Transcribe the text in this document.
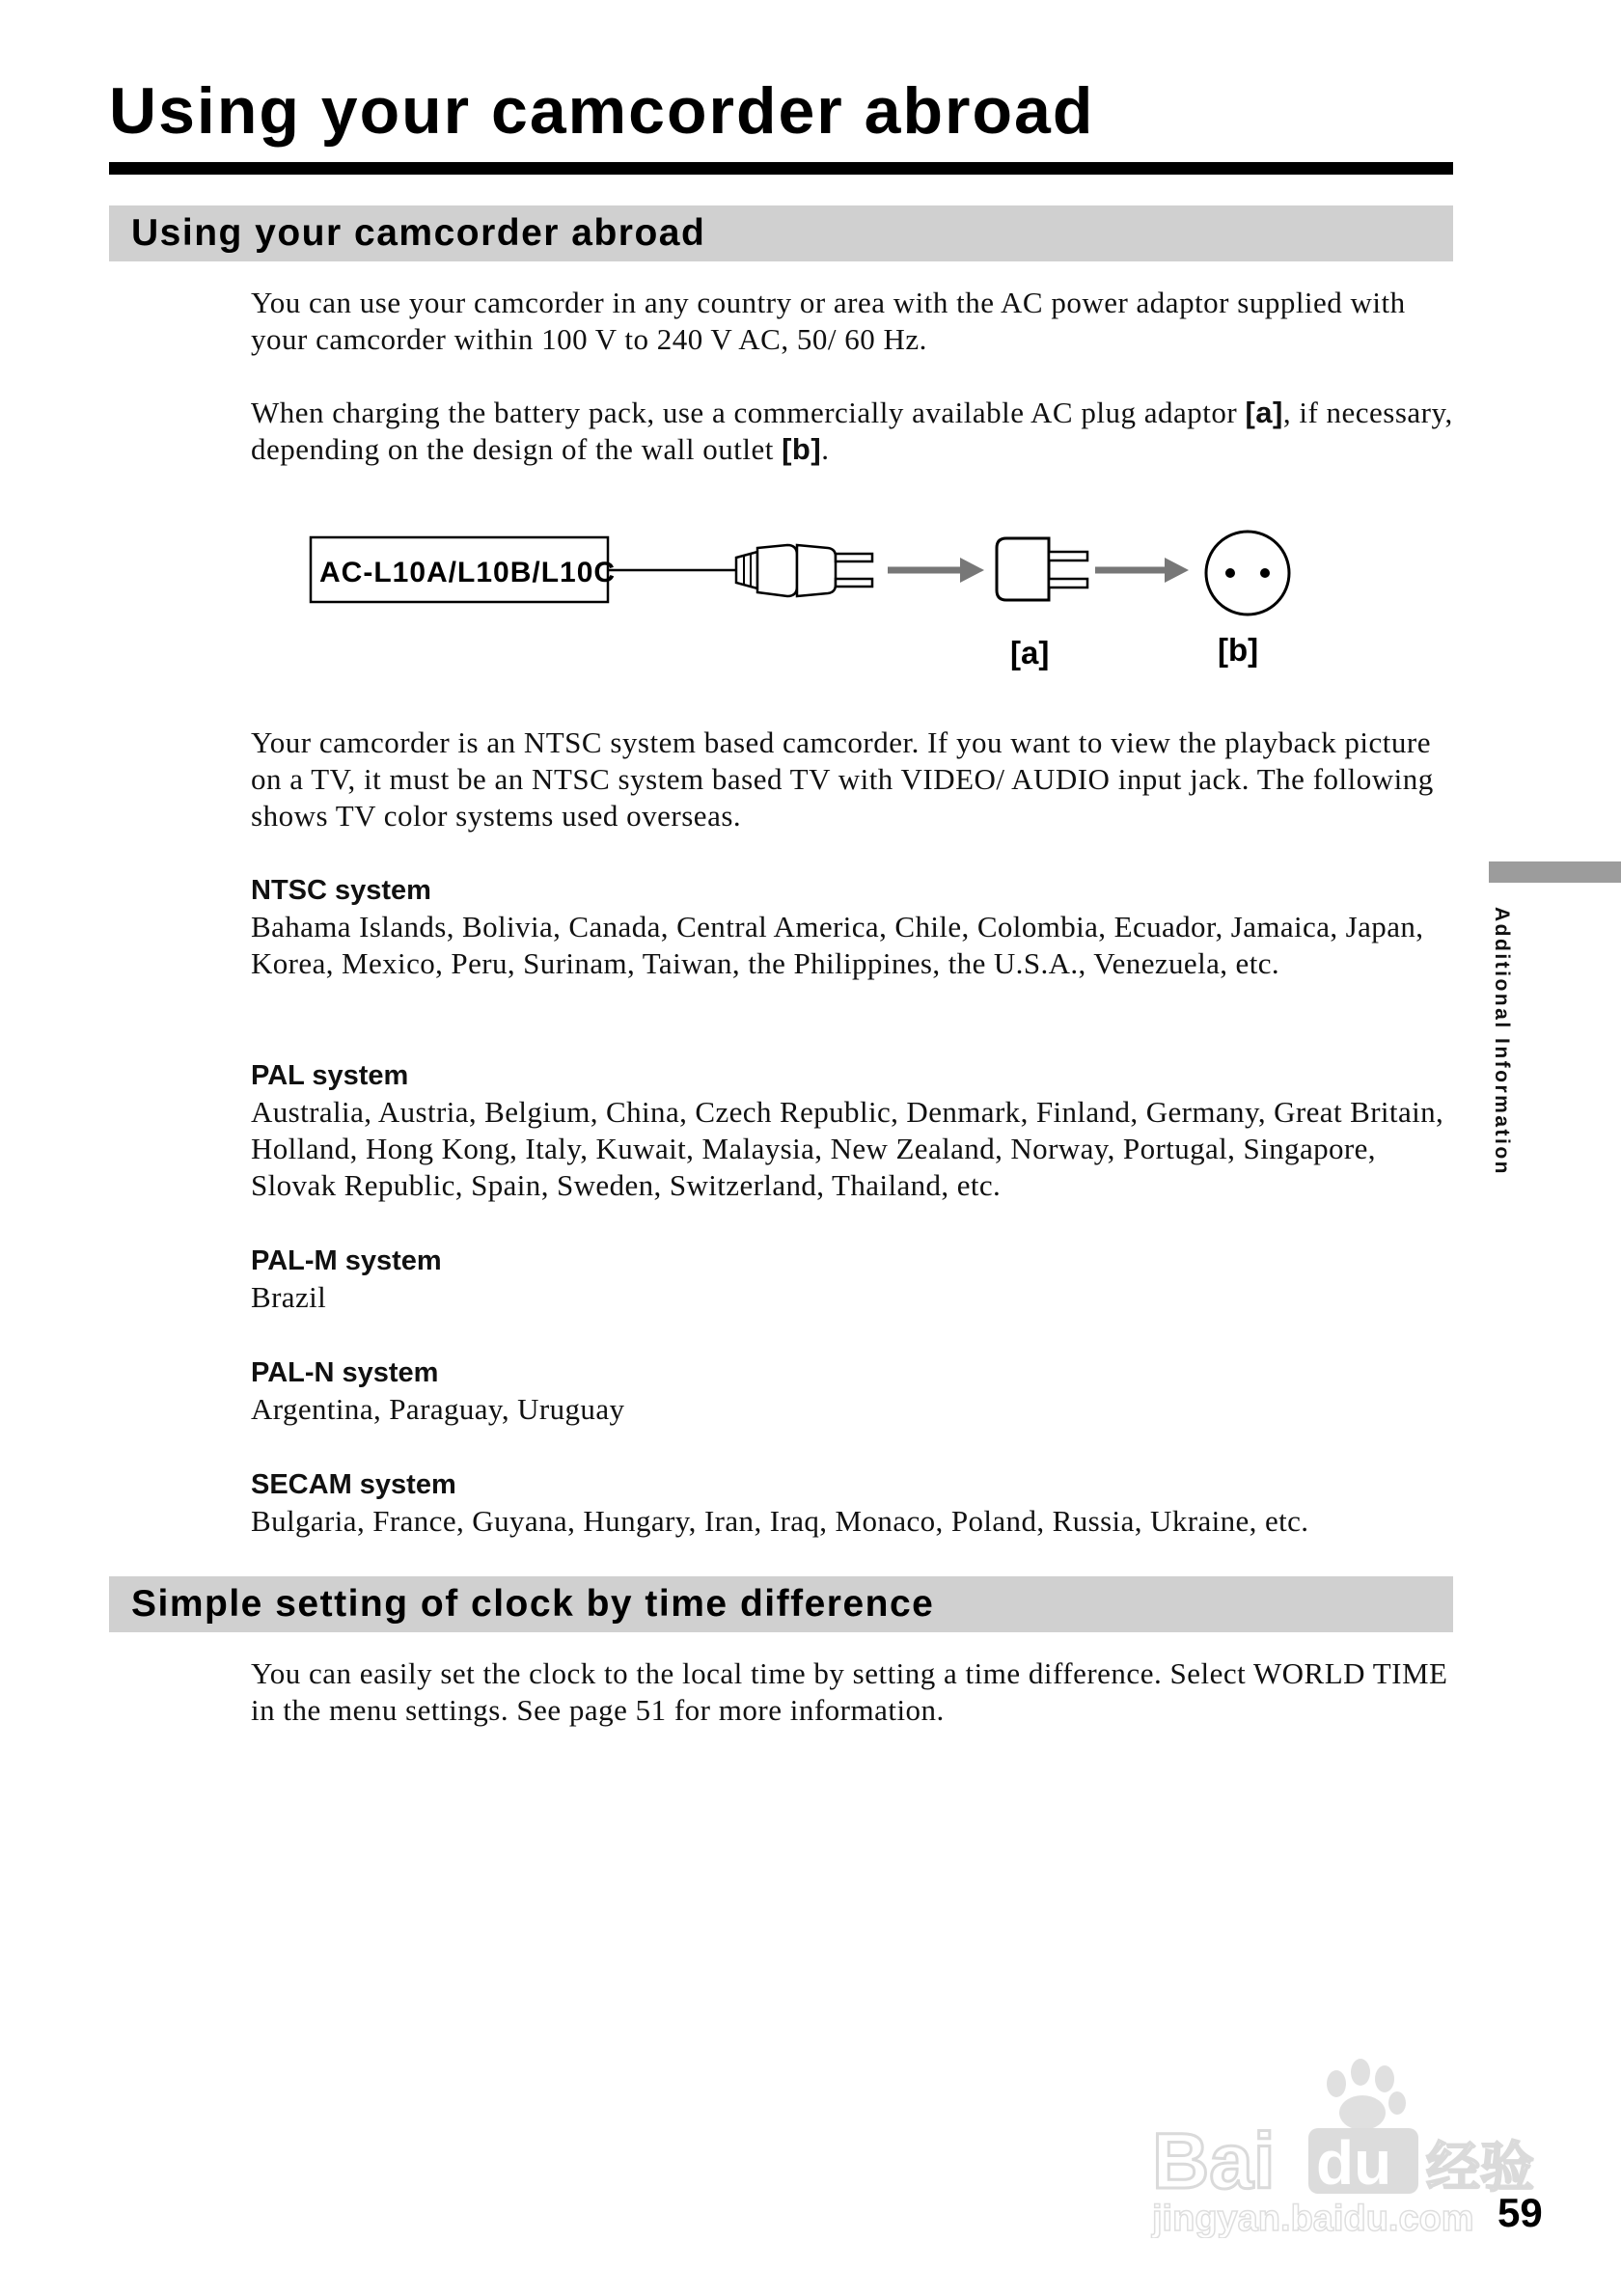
Using your camcorder abroad
Using your camcorder abroad

You can use your camcorder in any country or area with the AC power adaptor supplied with your camcorder within 100 V to 240 V AC, 50/ 60 Hz.

When charging the battery pack, use a commercially available AC plug adaptor [a], if necessary, depending on the design of the wall outlet [b].

AC-L10A/L10B/L10C
[a]	[b]

Your camcorder is an NTSC system based camcorder. If you want to view the playback picture on a TV, it must be an NTSC system based TV with VIDEO/ AUDIO input jack. The following shows TV color systems used overseas.

NTSC system

Bahama Islands, Bolivia, Canada, Central America, Chile, Colombia, Ecuador, Jamaica, Japan, Korea, Mexico, Peru, Surinam, Taiwan, the Philippines, the U.S.A., Venezuela, etc.

PAL system

Australia, Austria, Belgium, China, Czech Republic, Denmark, Finland, Germany, Great Britain, Holland, Hong Kong, Italy, Kuwait, Malaysia, New Zealand, Norway, Portugal, Singapore, Slovak Republic, Spain, Sweden, Switzerland, Thailand, etc.

PAL-M system

Brazil

PAL-N system

Argentina, Paraguay, Uruguay

SECAM system

Bulgaria, France, Guyana, Hungary, Iran, Iraq, Monaco, Poland, Russia, Ukraine, etc.

Simple setting of clock by time difference

You can easily set the clock to the local time by setting a time difference. Select WORLD TIME in the menu settings. See page 51 for more information.

Additional Information
Bai du 经验
jingyan.baidu.com 59
